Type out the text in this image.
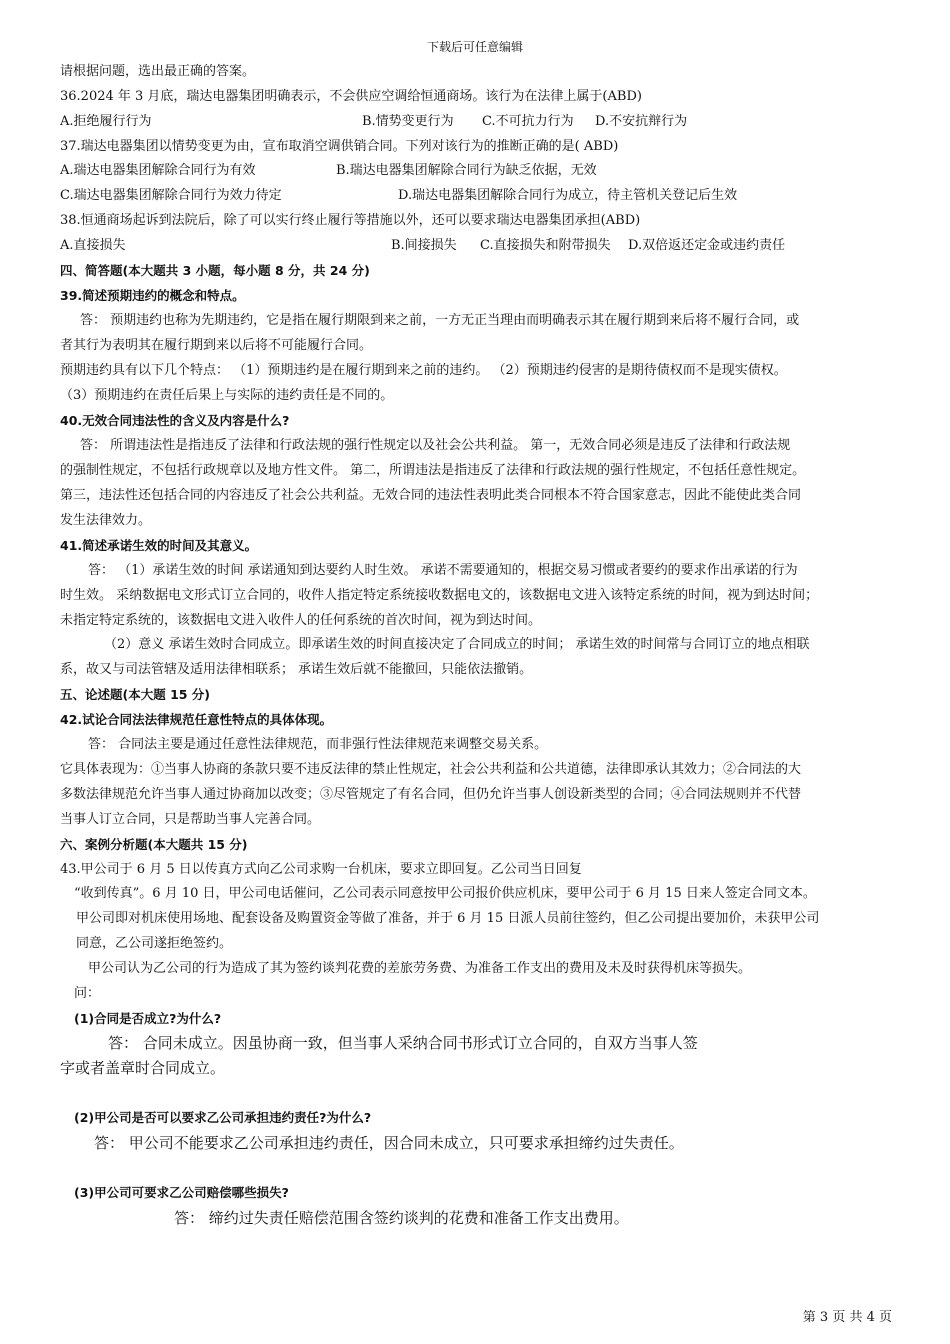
下载后可任意编辑
请根据问题，选出最正确的答案。
36.2024 年 3 月底，瑞达电器集团明确表示，不会供应空调给恒通商场。该行为在法律上属于(ABD)
A.拒绝履行行为	B.情势变更行为 C.不可抗力行为 D.不安抗辩行为
37.瑞达电器集团以情势变更为由，宣布取消空调供销合同。下列对该行为的推断正确的是( ABD)
A.瑞达电器集团解除合同行为有效	B.瑞达电器集团解除合同行为缺乏依据，无效
C.瑞达电器集团解除合同行为效力待定	D.瑞达电器集团解除合同行为成立，待主管机关登记后生效
38.恒通商场起诉到法院后，除了可以实行终止履行等措施以外，还可以要求瑞达电器集团承担(ABD)
A.直接损失	B.间接损失 C.直接损失和附带损失 D.双倍返还定金或违约责任
四、简答题(本大题共 3 小题，每小题 8 分，共 24 分)
39.简述预期违约的概念和特点。
答： 预期违约也称为先期违约，它是指在履行期限到来之前，一方无正当理由而明确表示其在履行期到来后将不履行合同，或
者其行为表明其在履行期到来以后将不可能履行合同。
预期违约具有以下几个特点： （1）预期违约是在履行期到来之前的违约。 （2）预期违约侵害的是期待债权而不是现实债权。
（3）预期违约在责任后果上与实际的违约责任是不同的。
40.无效合同违法性的含义及内容是什么?
答： 所谓违法性是指违反了法律和行政法规的强行性规定以及社会公共利益。 第一，无效合同必须是违反了法律和行政法规
的强制性规定，不包括行政规章以及地方性文件。 第二，所谓违法是指违反了法律和行政法规的强行性规定，不包括任意性规定。
第三，违法性还包括合同的内容违反了社会公共利益。无效合同的违法性表明此类合同根本不符合国家意志，因此不能使此类合同
发生法律效力。
41.简述承诺生效的时间及其意义。
答： （1）承诺生效的时间 承诺通知到达要约人时生效。 承诺不需要通知的，根据交易习惯或者要约的要求作出承诺的行为
时生效。 采纳数据电文形式订立合同的，收件人指定特定系统接收数据电文的，该数据电文进入该特定系统的时间，视为到达时间；
未指定特定系统的，该数据电文进入收件人的任何系统的首次时间，视为到达时间。
（2）意义 承诺生效时合同成立。即承诺生效的时间直接决定了合同成立的时间； 承诺生效的时间常与合同订立的地点相联
系，故又与司法管辖及适用法律相联系； 承诺生效后就不能撤回，只能依法撤销。
五、论述题(本大题 15 分)
42.试论合同法法律规范任意性特点的具体体现。
答： 合同法主要是通过任意性法律规范，而非强行性法律规范来调整交易关系。
它具体表现为：①当事人协商的条款只要不违反法律的禁止性规定，社会公共利益和公共道德，法律即承认其效力；②合同法的大
多数法律规范允许当事人通过协商加以改变；③尽管规定了有名合同，但仍允许当事人创设新类型的合同；④合同法规则并不代替
当事人订立合同，只是帮助当事人完善合同。
六、案例分析题(本大题共 15 分)
43.甲公司于 6 月 5 日以传真方式向乙公司求购一台机床，要求立即回复。乙公司当日回复
“收到传真”。6 月 10 日，甲公司电话催问，乙公司表示同意按甲公司报价供应机床，要甲公司于 6 月 15 日来人签定合同文本。
甲公司即对机床使用场地、配套设备及购置资金等做了准备，并于 6 月 15 日派人员前往签约，但乙公司提出要加价，未获甲公司
同意，乙公司遂拒绝签约。
甲公司认为乙公司的行为造成了其为签约谈判花费的差旅劳务费、为准备工作支出的费用及未及时获得机床等损失。
问：
(1)合同是否成立?为什么?
答： 合同未成立。因虽协商一致，但当事人采纳合同书形式订立合同的，自双方当事人签
字或者盖章时合同成立。
(2)甲公司是否可以要求乙公司承担违约责任?为什么?
答： 甲公司不能要求乙公司承担违约责任，因合同未成立，只可要求承担缔约过失责任。
(3)甲公司可要求乙公司赔偿哪些损失?
答： 缔约过失责任赔偿范围含签约谈判的花费和准备工作支出费用。
第 3 页 共 4 页
